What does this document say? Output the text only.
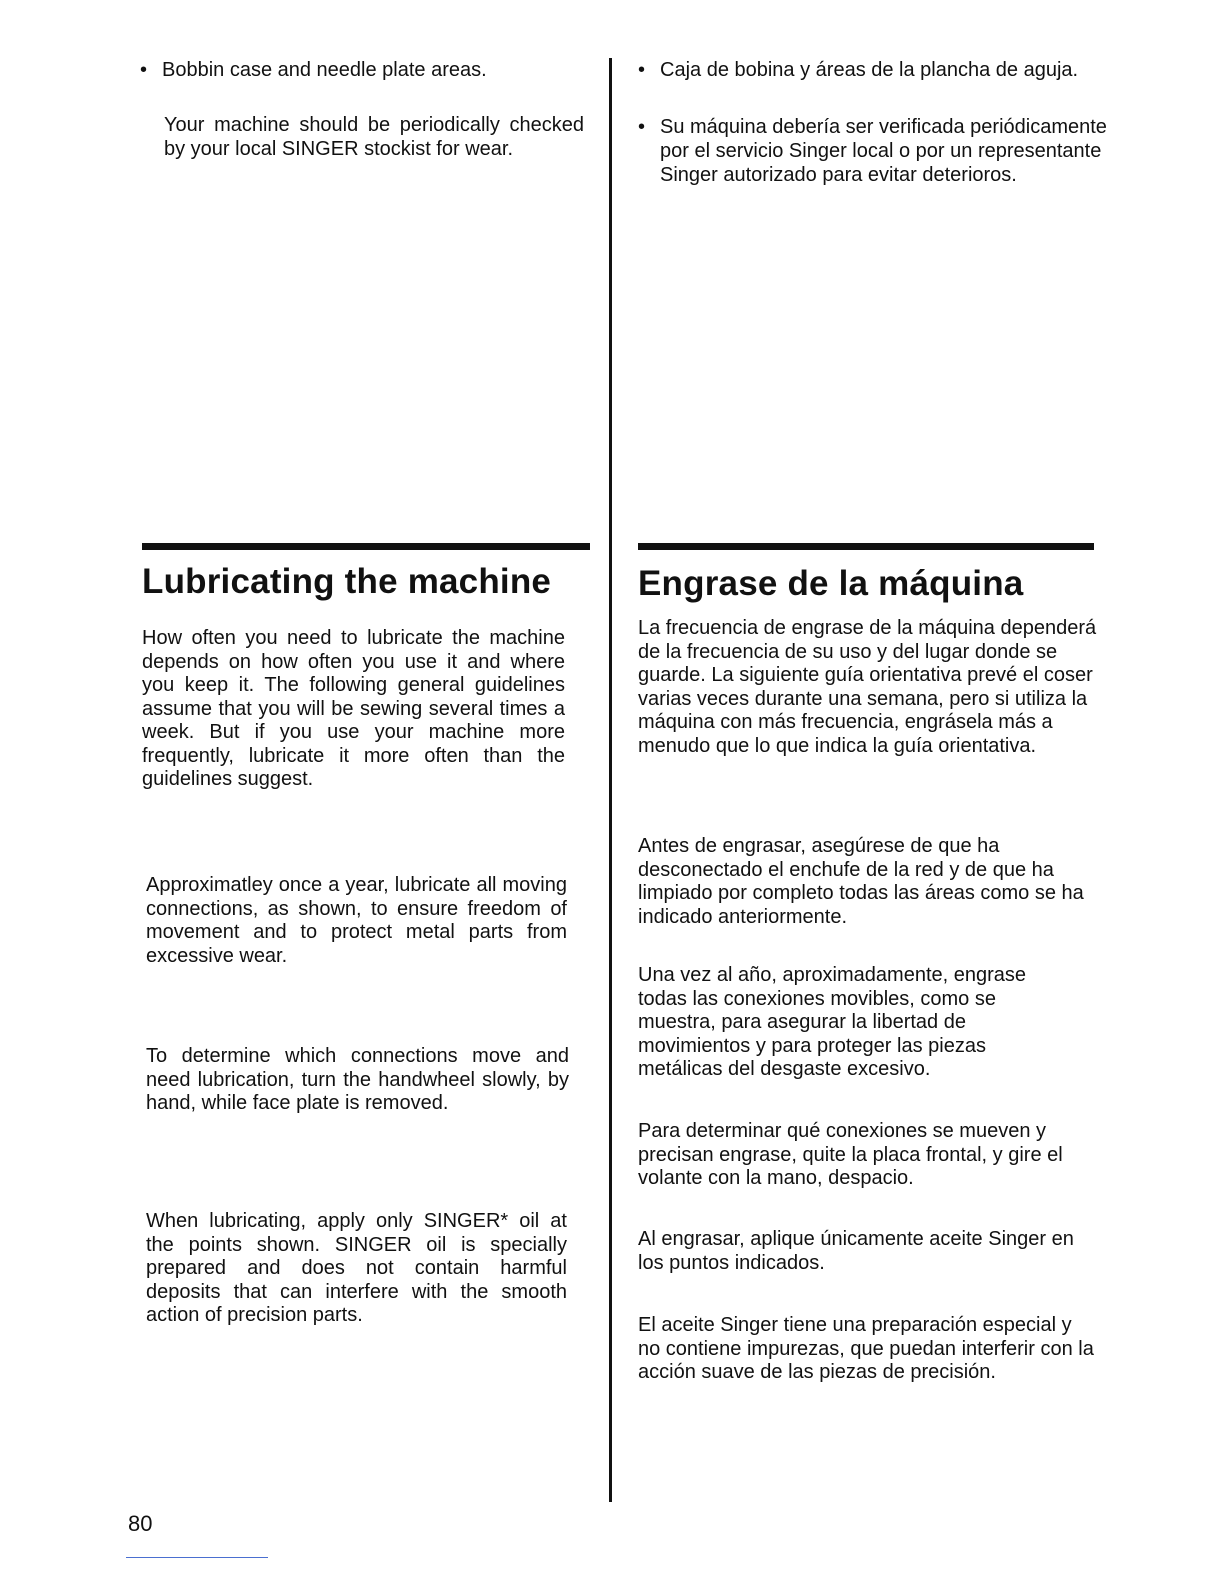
• Bobbin case and needle plate areas.

Your machine should be periodically checked by your local SINGER stockist for wear.

Lubricating the machine

How often you need to lubricate the machine depends on how often you use it and where you keep it. The following general guidelines assume that you will be sewing several times a week. But if you use your machine more frequently, lubricate it more often than the guidelines suggest.

Approximatley once a year, lubricate all moving connections, as shown, to ensure freedom of movement and to protect metal parts from excessive wear.

To determine which connections move and need lubrication, turn the handwheel slowly, by hand, while face plate is removed.

When lubricating, apply only SINGER* oil at the points shown. SINGER oil is specially prepared and does not contain harmful deposits that can interfere with the smooth action of precision parts.

• Caja de bobina y áreas de la plancha de aguja.
• Su máquina debería ser verificada periódicamente por el servicio Singer local o por un representante Singer autorizado para evitar deterioros.
Engrase de la máquina

La frecuencia de engrase de la máquina dependerá de la frecuencia de su uso y del lugar donde se guarde. La siguiente guía orientativa prevé el coser varias veces durante una semana, pero si utiliza la máquina con más frecuencia, engrásela más a menudo que lo que indica la guía orientativa.

Antes de engrasar, asegúrese de que ha desconectado el enchufe de la red y de que ha limpiado por completo todas las áreas como se ha indicado anteriormente.

Una vez al año, aproximadamente, engrase todas las conexiones movibles, como se muestra, para asegurar la libertad de movimientos y para proteger las piezas metálicas del desgaste excesivo.

Para determinar qué conexiones se mueven y precisan engrase, quite la placa frontal, y gire el volante con la mano, despacio.

Al engrasar, aplique únicamente aceite Singer en los puntos indicados.

El aceite Singer tiene una preparación especial y no contiene impurezas, que puedan interferir con la acción suave de las piezas de precisión.

80
